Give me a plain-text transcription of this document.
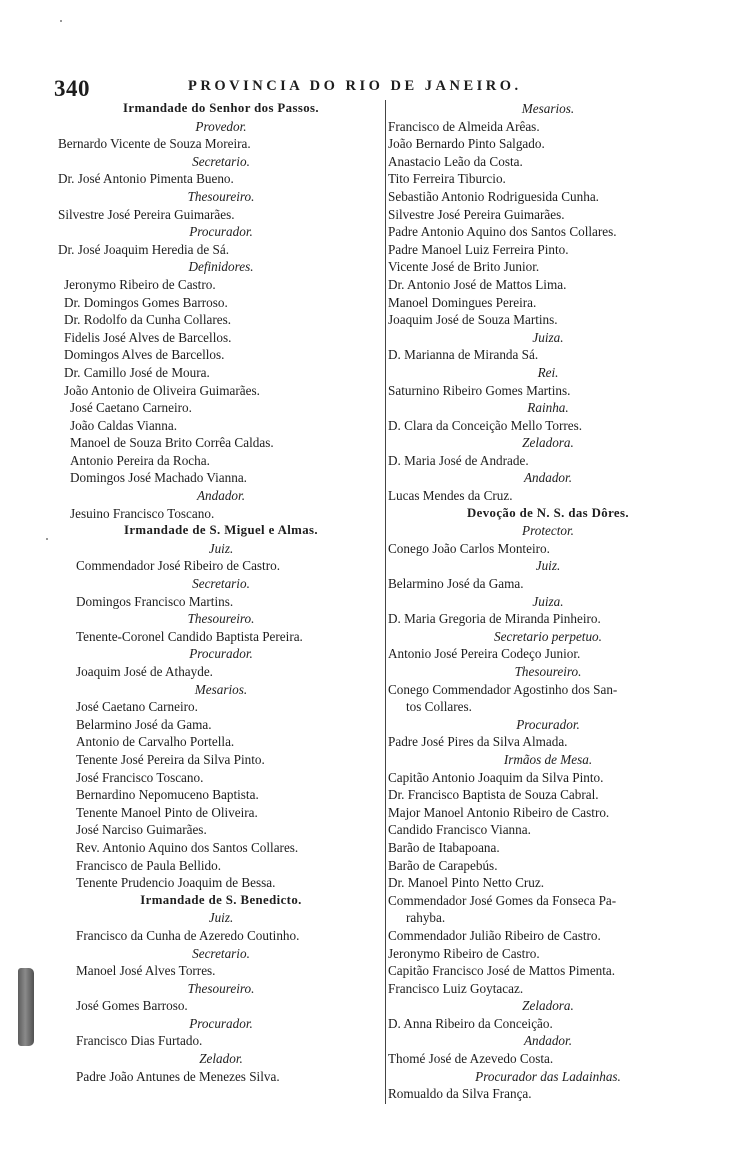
340	PROVINCIA DO RIO DE JANEIRO.
Irmandade do Senhor dos Passos.
Provedor.
Bernardo Vicente de Souza Moreira.
Secretario.
Dr. José Antonio Pimenta Bueno.
Thesoureiro.
Silvestre José Pereira Guimarães.
Procurador.
Dr. José Joaquim Heredia de Sá.
Definidores.
Jeronymo Ribeiro de Castro.
Dr. Domingos Gomes Barroso.
Dr. Rodolfo da Cunha Collares.
Fidelis José Alves de Barcellos.
Domingos Alves de Barcellos.
Dr. Camillo José de Moura.
João Antonio de Oliveira Guimarães.
José Caetano Carneiro.
João Caldas Vianna.
Manoel de Souza Brito Corrêa Caldas.
Antonio Pereira da Rocha.
Domingos José Machado Vianna.
Andador.
Jesuino Francisco Toscano.
Irmandade de S. Miguel e Almas.
Juiz.
Commendador José Ribeiro de Castro.
Secretario.
Domingos Francisco Martins.
Thesoureiro.
Tenente-Coronel Candido Baptista Pereira.
Procurador.
Joaquim José de Athayde.
Mesarios.
José Caetano Carneiro.
Belarmino José da Gama.
Antonio de Carvalho Portella.
Tenente José Pereira da Silva Pinto.
José Francisco Toscano.
Bernardino Nepomuceno Baptista.
Tenente Manoel Pinto de Oliveira.
José Narciso Guimarães.
Rev. Antonio Aquino dos Santos Collares.
Francisco de Paula Bellido.
Tenente Prudencio Joaquim de Bessa.
Irmandade de S. Benedicto.
Juiz.
Francisco da Cunha de Azeredo Coutinho.
Secretario.
Manoel José Alves Torres.
Thesoureiro.
José Gomes Barroso.
Procurador.
Francisco Dias Furtado.
Zelador.
Padre João Antunes de Menezes Silva.
Mesarios.
Francisco de Almeida Arêas.
João Bernardo Pinto Salgado.
Anastacio Leão da Costa.
Tito Ferreira Tiburcio.
Sebastião Antonio Rodriguesida Cunha.
Silvestre José Pereira Guimarães.
Padre Antonio Aquino dos Santos Collares.
Padre Manoel Luiz Ferreira Pinto.
Vicente José de Brito Junior.
Dr. Antonio José de Mattos Lima.
Manoel Domingues Pereira.
Joaquim José de Souza Martins.
Juiza.
D. Marianna de Miranda Sá.
Rei.
Saturnino Ribeiro Gomes Martins.
Rainha.
D. Clara da Conceição Mello Torres.
Zeladora.
D. Maria José de Andrade.
Andador.
Lucas Mendes da Cruz.
Devoção de N. S. das Dôres.
Protector.
Conego João Carlos Monteiro.
Juiz.
Belarmino José da Gama.
Juiza.
D. Maria Gregoria de Miranda Pinheiro.
Secretario perpetuo.
Antonio José Pereira Codeço Junior.
Thesoureiro.
Conego Commendador Agostinho dos San-
tos Collares.
Procurador.
Padre José Pires da Silva Almada.
Irmãos de Mesa.
Capitão Antonio Joaquim da Silva Pinto.
Dr. Francisco Baptista de Souza Cabral.
Major Manoel Antonio Ribeiro de Castro.
Candido Francisco Vianna.
Barão de Itabapoana.
Barão de Carapebús.
Dr. Manoel Pinto Netto Cruz.
Commendador José Gomes da Fonseca Pa-
rahyba.
Commendador Julião Ribeiro de Castro.
Jeronymo Ribeiro de Castro.
Capitão Francisco José de Mattos Pimenta.
Francisco Luiz Goytacaz.
Zeladora.
D. Anna Ribeiro da Conceição.
Andador.
Thomé José de Azevedo Costa.
Procurador das Ladainhas.
Romualdo da Silva França.
